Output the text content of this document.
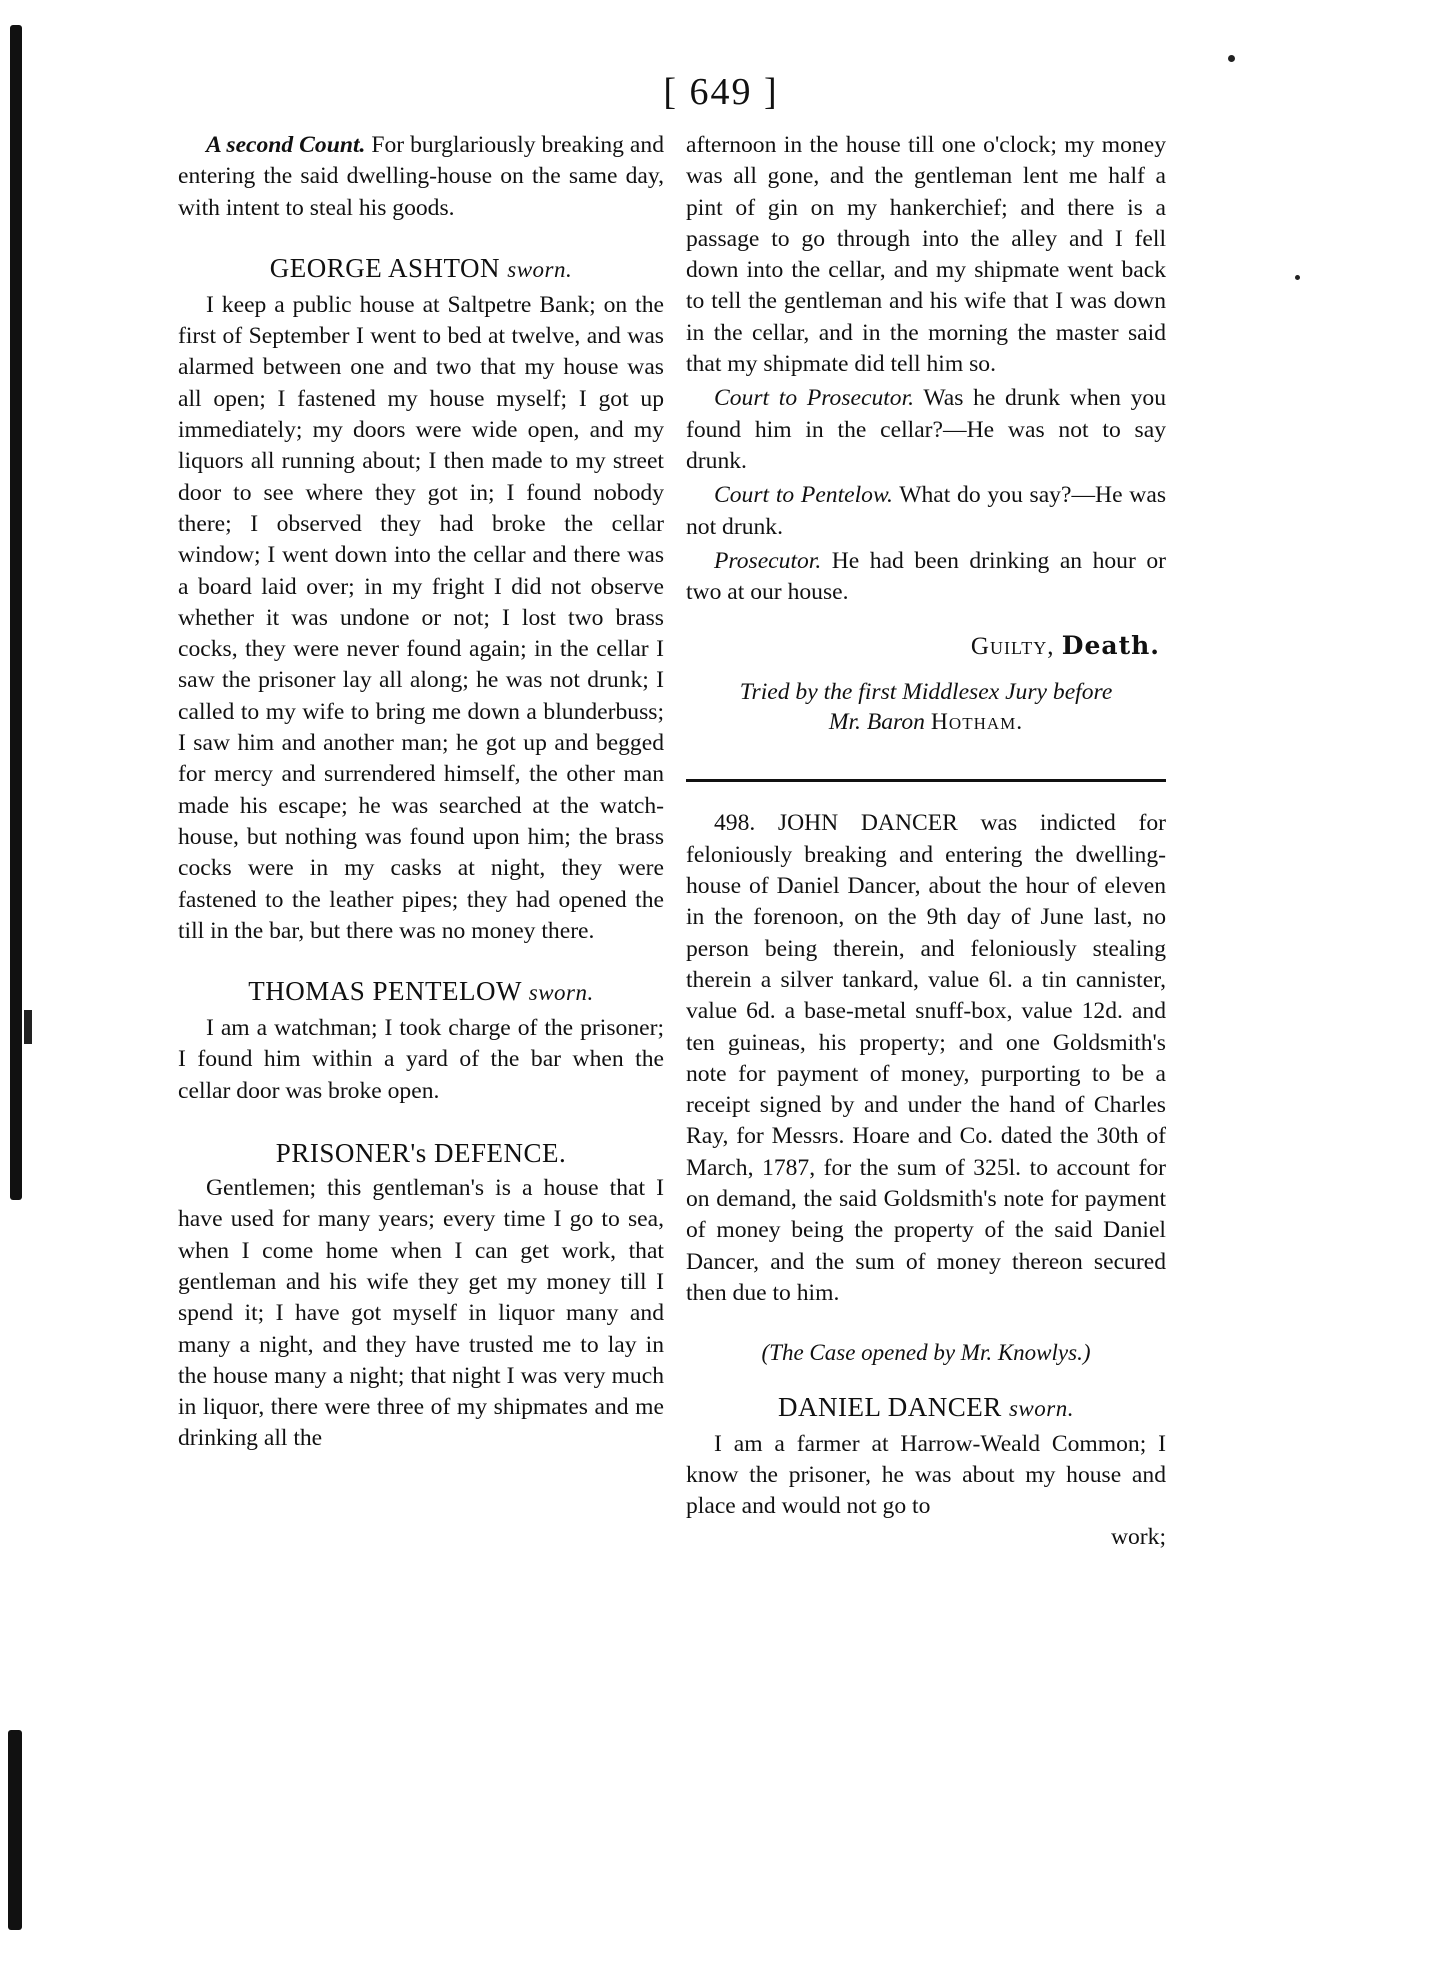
[ 649 ]

A second Count. For burglariously breaking and entering the said dwelling-house on the same day, with intent to steal his goods.

GEORGE ASHTON sworn.

I keep a public house at Saltpetre Bank; on the first of September I went to bed at twelve, and was alarmed between one and two that my house was all open; I fastened my house myself; I got up immediately; my doors were wide open, and my liquors all running about; I then made to my street door to see where they got in; I found nobody there; I observed they had broke the cellar window; I went down into the cellar and there was a board laid over; in my fright I did not observe whether it was undone or not; I lost two brass cocks, they were never found again; in the cellar I saw the prisoner lay all along; he was not drunk; I called to my wife to bring me down a blunderbuss; I saw him and another man; he got up and begged for mercy and surrendered himself, the other man made his escape; he was searched at the watch-house, but nothing was found upon him; the brass cocks were in my casks at night, they were fastened to the leather pipes; they had opened the till in the bar, but there was no money there.

THOMAS PENTELOW sworn.

I am a watchman; I took charge of the prisoner; I found him within a yard of the bar when the cellar door was broke open.

PRISONER's DEFENCE.

Gentlemen; this gentleman's is a house that I have used for many years; every time I go to sea, when I come home when I can get work, that gentleman and his wife they get my money till I spend it; I have got myself in liquor many and many a night, and they have trusted me to lay in the house many a night; that night I was very much in liquor, there were three of my shipmates and me drinking all the

afternoon in the house till one o'clock; my money was all gone, and the gentleman lent me half a pint of gin on my hankerchief; and there is a passage to go through into the alley and I fell down into the cellar, and my shipmate went back to tell the gentleman and his wife that I was down in the cellar, and in the morning the master said that my shipmate did tell him so.

Court to Prosecutor. Was he drunk when you found him in the cellar?—He was not to say drunk.

Court to Pentelow. What do you say?—He was not drunk.

Prosecutor. He had been drinking an hour or two at our house.

Guilty, Death.
Tried by the first Middlesex Jury before
Mr. Baron Hotham.

498. JOHN DANCER was indicted for feloniously breaking and entering the dwelling-house of Daniel Dancer, about the hour of eleven in the forenoon, on the 9th day of June last, no person being therein, and feloniously stealing therein a silver tankard, value 6l. a tin cannister, value 6d. a base-metal snuff-box, value 12d. and ten guineas, his property; and one Goldsmith's note for payment of money, purporting to be a receipt signed by and under the hand of Charles Ray, for Messrs. Hoare and Co. dated the 30th of March, 1787, for the sum of 325l. to account for on demand, the said Goldsmith's note for payment of money being the property of the said Daniel Dancer, and the sum of money thereon secured then due to him.

(The Case opened by Mr. Knowlys.)
DANIEL DANCER sworn.

I am a farmer at Harrow-Weald Common; I know the prisoner, he was about my house and place and would not go to

work;
